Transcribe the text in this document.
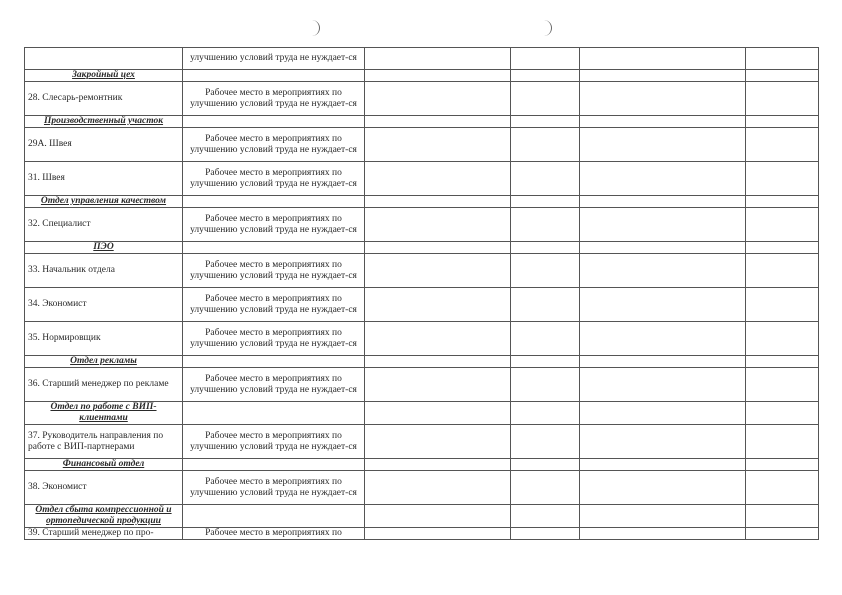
	улучшению условий труда не нуждает-ся				
Закройный цех					
28. Слесарь-ремонтник	Рабочее место в мероприятиях по улучшению условий труда не нуждает-ся				
Производственный участок					
29А. Швея	Рабочее место в мероприятиях по улучшению условий труда не нуждает-ся				
31. Швея	Рабочее место в мероприятиях по улучшению условий труда не нуждает-ся				
Отдел управления качеством					
32. Специалист	Рабочее место в мероприятиях по улучшению условий труда не нуждает-ся				
ПЭО					
33. Начальник отдела	Рабочее место в мероприятиях по улучшению условий труда не нуждает-ся				
34. Экономист	Рабочее место в мероприятиях по улучшению условий труда не нуждает-ся				
35. Нормировщик	Рабочее место в мероприятиях по улучшению условий труда не нуждает-ся				
Отдел рекламы					
36. Старший менеджер по рекламе	Рабочее место в мероприятиях по улучшению условий труда не нуждает-ся				
Отдел по работе с ВИП-клиентами					
37. Руководитель направления по работе с ВИП-партнерами	Рабочее место в мероприятиях по улучшению условий труда не нуждает-ся				
Финансовый отдел					
38. Экономист	Рабочее место в мероприятиях по улучшению условий труда не нуждает-ся				
Отдел сбыта компрессионной и ортопедической продукции					
39. Старший менеджер по про-	Рабочее место в мероприятиях по				
